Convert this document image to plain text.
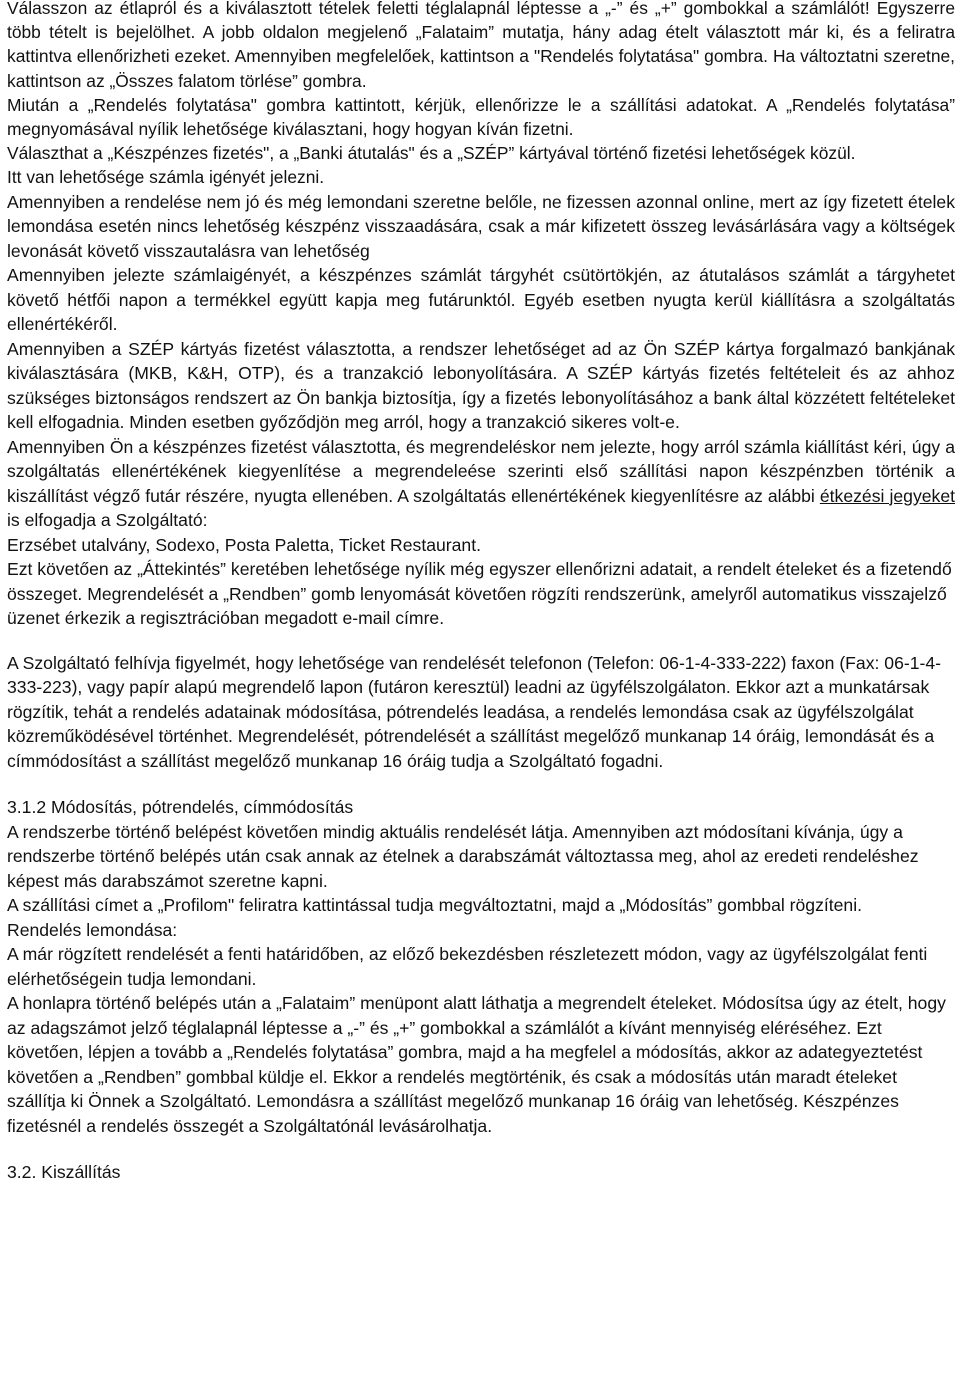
Válasszon az étlapról és a kiválasztott tételek feletti téglalapnál léptesse a „-” és „+” gombokkal a számlálót! Egyszerre több tételt is bejelölhet. A jobb oldalon megjelenő „Falataim” mutatja, hány adag ételt választott már ki, és a feliratra kattintva ellenőrizheti ezeket. Amennyiben megfelelőek, kattintson a "Rendelés folytatása" gombra. Ha változtatni szeretne, kattintson az „Összes falatom törlése” gombra.

Miután a „Rendelés folytatása" gombra kattintott, kérjük, ellenőrizze le a szállítási adatokat. A „Rendelés folytatása” megnyomásával nyílik lehetősége kiválasztani, hogy hogyan kíván fizetni.

Választhat a „Készpénzes fizetés", a „Banki átutalás" és a „SZÉP” kártyával történő fizetési lehetőségek közül.

Itt van lehetősége számla igényét jelezni.

Amennyiben a rendelése nem jó és még lemondani szeretne belőle, ne fizessen azonnal online, mert az így fizetett ételek lemondása esetén nincs lehetőség készpénz visszaadására, csak a már kifizetett összeg levásárlására vagy a költségek levonását követő visszautalásra van lehetőség

Amennyiben jelezte számlaigényét, a készpénzes számlát tárgyhét csütörtökjén, az átutalásos számlát a tárgyhetet követő hétfői napon a termékkel együtt kapja meg futárunktól. Egyéb esetben nyugta kerül kiállításra a szolgáltatás ellenértékéről.

Amennyiben a SZÉP kártyás fizetést választotta, a rendszer lehetőséget ad az Ön SZÉP kártya forgalmazó bankjának kiválasztására (MKB, K&H, OTP), és a tranzakció lebonyolítására. A SZÉP kártyás fizetés feltételeit és az ahhoz szükséges biztonságos rendszert az Ön bankja biztosítja, így a fizetés lebonyolításához a bank által közzétett feltételeket kell elfogadnia. Minden esetben győződjön meg arról, hogy a tranzakció sikeres volt-e.

Amennyiben Ön a készpénzes fizetést választotta, és megrendeléskor nem jelezte, hogy arról számla kiállítást kéri, úgy a szolgáltatás ellenértékének kiegyenlítése a megrendeleése szerinti első szállítási napon készpénzben történik a kiszállítást végző futár részére, nyugta ellenében. A szolgáltatás ellenértékének kiegyenlítésre az alábbi étkezési jegyeket is elfogadja a Szolgáltató:

Erzsébet utalvány, Sodexo, Posta Paletta, Ticket Restaurant.

Ezt követően az „Áttekintés” keretében lehetősége nyílik még egyszer ellenőrizni adatait, a rendelt ételeket és a fizetendő összeget. Megrendelését a „Rendben” gomb lenyomását követően rögzíti rendszerünk, amelyről automatikus visszajelző üzenet érkezik a regisztrációban megadott e-mail címre.

A Szolgáltató felhívja figyelmét, hogy lehetősége van rendelését telefonon (Telefon: 06-1-4-333-222) faxon (Fax: 06-1-4-333-223), vagy papír alapú megrendelő lapon (futáron keresztül) leadni az ügyfélszolgálaton. Ekkor azt a munkatársak rögzítik, tehát a rendelés adatainak módosítása, pótrendelés leadása, a rendelés lemondása csak az ügyfélszolgálat közreműködésével történhet. Megrendelését, pótrendelését a szállítást megelőző munkanap 14 óráig, lemondását és a címmódosítást a szállítást megelőző munkanap 16 óráig tudja a Szolgáltató fogadni.

3.1.2 Módosítás, pótrendelés, címmódosítás

A rendszerbe történő belépést követően mindig aktuális rendelését látja. Amennyiben azt módosítani kívánja, úgy a rendszerbe történő belépés után csak annak az ételnek a darabszámát változtassa meg, ahol az eredeti rendeléshez képest más darabszámot szeretne kapni.

A szállítási címet a „Profilom" feliratra kattintással tudja megváltoztatni, majd a „Módosítás” gombbal rögzíteni.

Rendelés lemondása:

A már rögzített rendelését a fenti határidőben, az előző bekezdésben részletezett módon, vagy az ügyfélszolgálat fenti elérhetőségein tudja lemondani.

A honlapra történő belépés után a „Falataim” menüpont alatt láthatja a megrendelt ételeket. Módosítsa úgy az ételt, hogy az adagszámot jelző téglalapnál léptesse a „-” és „+” gombokkal a számlálót a kívánt mennyiség eléréséhez. Ezt követően, lépjen a tovább a „Rendelés folytatása” gombra, majd a ha megfelel a módosítás, akkor az adategyeztetést követően a „Rendben” gombbal küldje el. Ekkor a rendelés megtörténik, és csak a módosítás után maradt ételeket szállítja ki Önnek a Szolgáltató. Lemondásra a szállítást megelőző munkanap 16 óráig van lehetőség. Készpénzes fizetésnél a rendelés összegét a Szolgáltatónál levásárolhatja.

3.2. Kiszállítás
